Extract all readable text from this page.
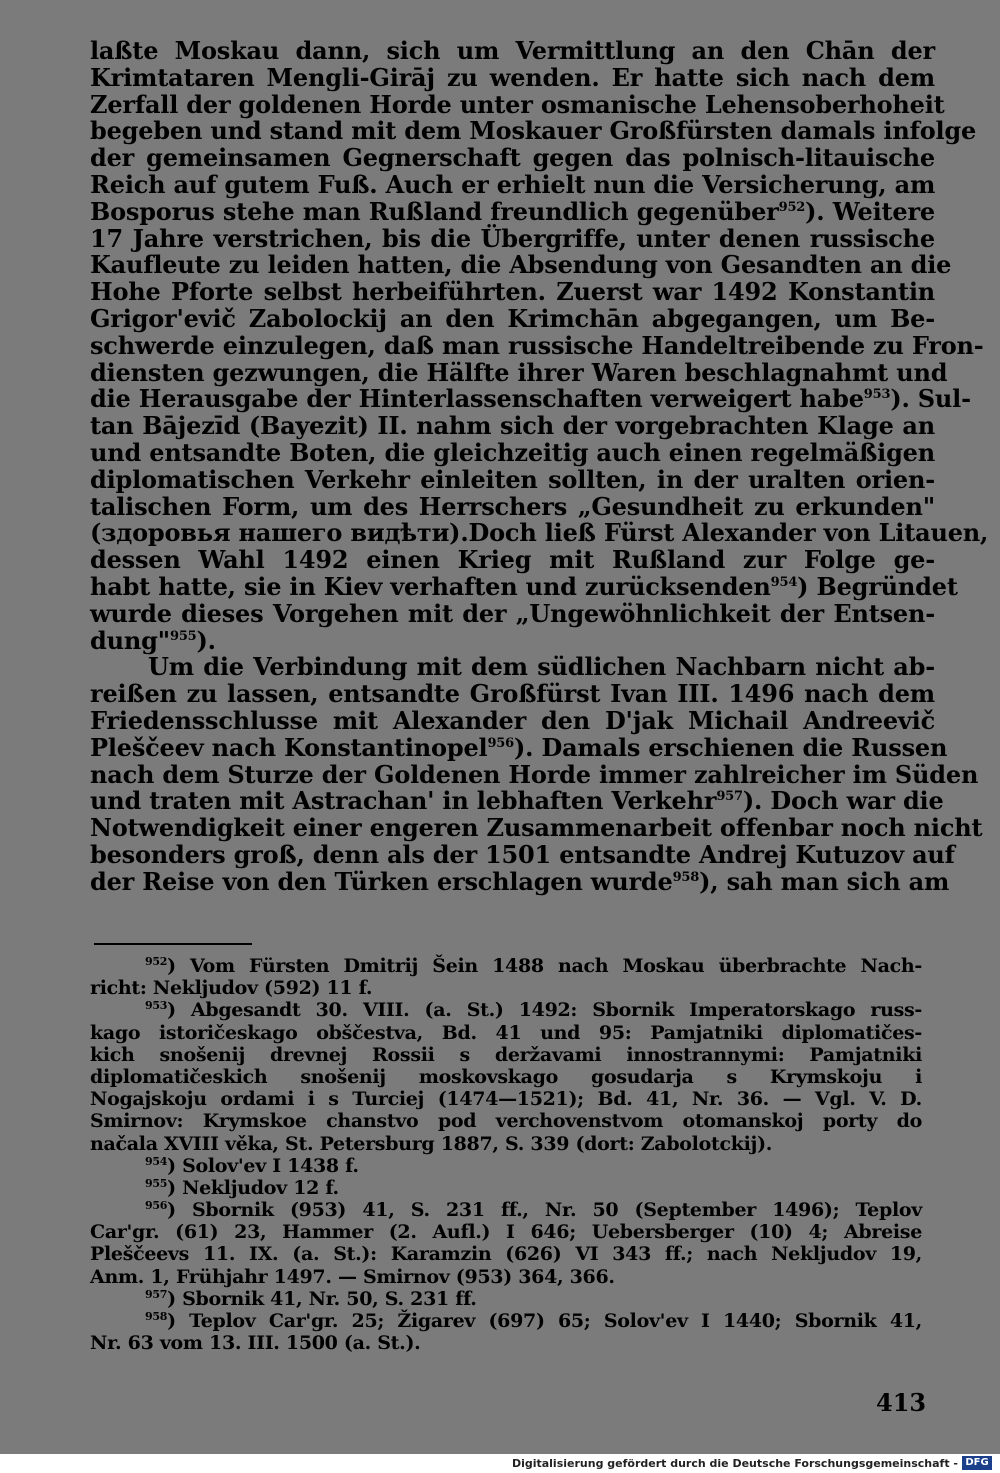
laßte Moskau dann, sich um Vermittlung an den Chān der
Krimtataren Mengli-Girāj zu wenden. Er hatte sich nach dem
Zerfall der goldenen Horde unter osmanische Lehensoberhoheit
begeben und stand mit dem Moskauer Großfürsten damals infolge
der gemeinsamen Gegnerschaft gegen das polnisch-litauische
Reich auf gutem Fuß. Auch er erhielt nun die Versicherung, am
Bosporus stehe man Rußland freundlich gegenüber$^{952}$). Weitere
17 Jahre verstrichen, bis die Übergriffe, unter denen russische
Kaufleute zu leiden hatten, die Absendung von Gesandten an die
Hohe Pforte selbst herbeiführten. Zuerst war 1492 Konstantin
Grigor'evič Zabolockij an den Krimchān abgegangen, um Be-
schwerde einzulegen, daß man russische Handeltreibende zu Fron-
diensten gezwungen, die Hälfte ihrer Waren beschlagnahmt und
die Herausgabe der Hinterlassenschaften verweigert habe$^{953}$). Sul-
tan Bājezīd (Bayezit) II. nahm sich der vorgebrachten Klage an
und entsandte Boten, die gleichzeitig auch einen regelmäßigen
diplomatischen Verkehr einleiten sollten, in der uralten orien-
talischen Form, um des Herrschers „Gesundheit zu erkunden"
(здоровья нашего видѣти).Doch ließ Fürst Alexander von Litauen,
dessen Wahl 1492 einen Krieg mit Rußland zur Folge ge-
habt hatte, sie in Kiev verhaften und zurücksenden$^{954}$) Begründet
wurde dieses Vorgehen mit der „Ungewöhnlichkeit der Entsen-
dung"$^{955}$).
Um die Verbindung mit dem südlichen Nachbarn nicht ab-
reißen zu lassen, entsandte Großfürst Ivan III. 1496 nach dem
Friedensschlusse mit Alexander den D'jak Michail Andreevič
Pleščeev nach Konstantinopel$^{956}$). Damals erschienen die Russen
nach dem Sturze der Goldenen Horde immer zahlreicher im Süden
und traten mit Astrachan' in lebhaften Verkehr$^{957}$). Doch war die
Notwendigkeit einer engeren Zusammenarbeit offenbar noch nicht
besonders groß, denn als der 1501 entsandte Andrej Kutuzov auf
der Reise von den Türken erschlagen wurde$^{958}$), sah man sich am
$^{952}$) Vom Fürsten Dmitrij Šein 1488 nach Moskau überbrachte Nach-
richt: Nekljudov (592) 11 f.
$^{953}$) Abgesandt 30. VIII. (a. St.) 1492: Sbornik Imperatorskago russ-
kago istoričeskago obščestva, Bd. 41 und 95: Pamjatniki diplomatičes-
kich snošenij drevnej Rossii s deržavami innostrannymi: Pamjatniki
diplomatičeskich snošenij moskovskago gosudarja s Krymskoju i
Nogajskoju ordami i s Turciej (1474—1521); Bd. 41, Nr. 36. — Vgl. V. D.
Smirnov: Krymskoe chanstvo pod verchovenstvom otomanskoj porty do
načala XVIII věka, St. Petersburg 1887, S. 339 (dort: Zabolotckij).
$^{954}$) Solov'ev I 1438 f.
$^{955}$) Nekljudov 12 f.
$^{956}$) Sbornik (953) 41, S. 231 ff., Nr. 50 (September 1496); Teplov
Car'gr. (61) 23, Hammer (2. Aufl.) I 646; Uebersberger (10) 4; Abreise
Pleščeevs 11. IX. (a. St.): Karamzin (626) VI 343 ff.; nach Nekljudov 19,
Anm. 1, Frühjahr 1497. — Smirnov (953) 364, 366.
$^{957}$) Sbornik 41, Nr. 50, S. 231 ff.
$^{958}$) Teplov Car'gr. 25; Žigarev (697) 65; Solov'ev I 1440; Sbornik 41,
Nr. 63 vom 13. III. 1500 (a. St.).
413
Digitalisierung gefördert durch die Deutsche Forschungsgemeinschaft - DFG
